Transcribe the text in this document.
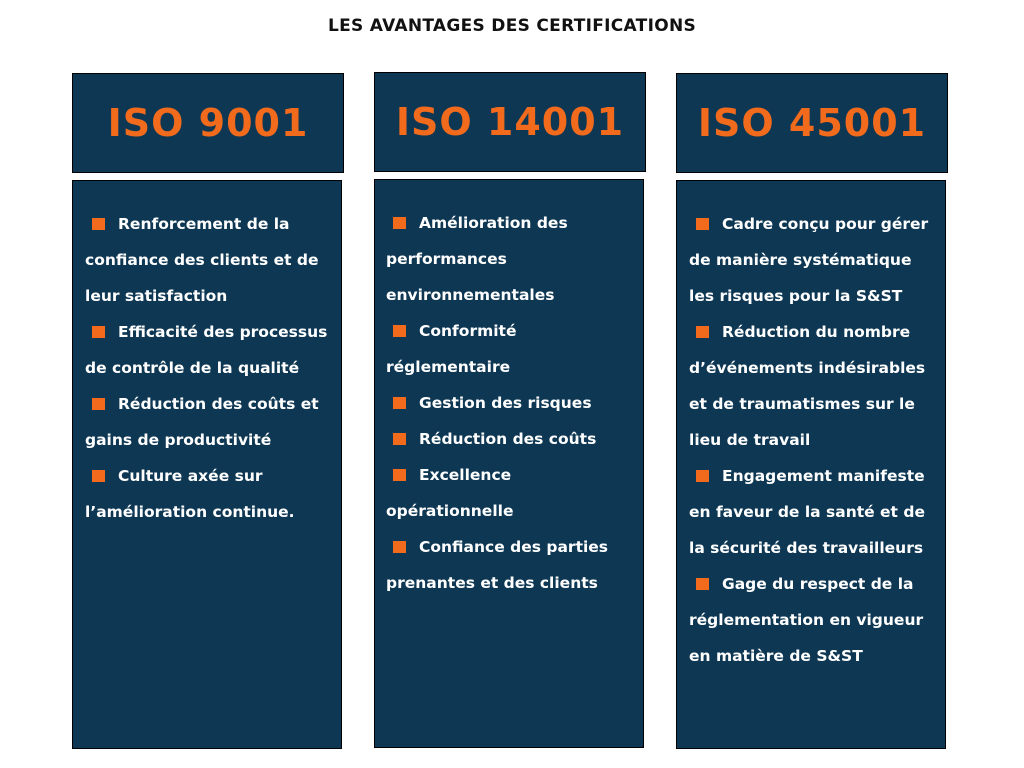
LES AVANTAGES DES CERTIFICATIONS
ISO 9001

Renforcement de la confiance des clients et de leur satisfaction
Efficacité des processus de contrôle de la qualité
Réduction des coûts et gains de productivité
Culture axée sur l’amélioration continue.

ISO 14001

Amélioration des performances environnementales
Conformité réglementaire
Gestion des risques
Réduction des coûts
Excellence opérationnelle
Confiance des parties prenantes et des clients

ISO 45001

Cadre conçu pour gérer de manière systématique les risques pour la S&ST
Réduction du nombre d’événements indésirables et de traumatismes sur le lieu de travail
Engagement manifeste en faveur de la santé et de la sécurité des travailleurs
Gage du respect de la réglementation en vigueur en matière de S&ST
